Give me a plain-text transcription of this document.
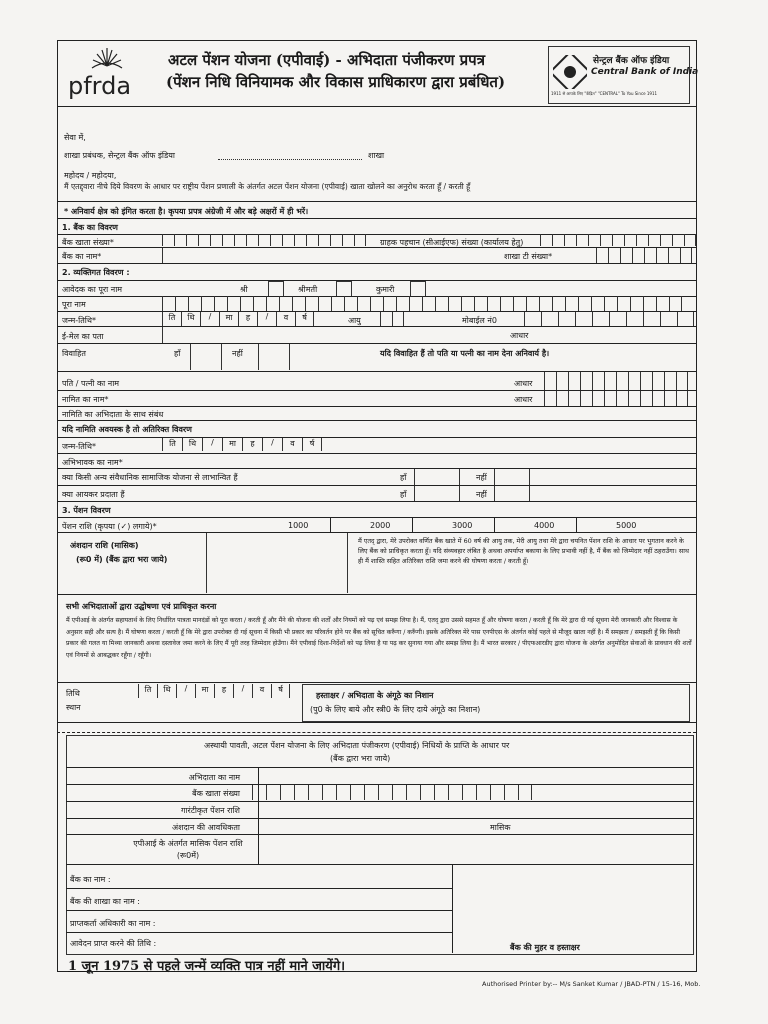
pfrda
अटल पेंशन योजना (एपीवाई) - अभिदाता पंजीकरण प्रपत्र
(पेंशन निधि विनियामक और विकास प्राधिकारण द्वारा प्रबंधित)
सेन्ट्रल बैंक ऑफ इंडिया
Central Bank of India
1911 से आपके लिए "केंद्रित" "CENTRAL" To You Since 1911
सेवा में,
शाखा प्रबंधक, सेन्ट्रल बैंक ऑफ इंडिया	शाखा
महोदय / महोदया,
मैं एतद्द्वारा नीचे दिये विवरण के आधार पर राष्ट्रीय पेंशन प्रणाली के अंतर्गत अटल पेंशन योजना (एपीवाई) खाता खोलने का अनुरोध करता हूँ / करती हूँ
* अनिवार्य क्षेत्र को इंगित करता है। कृपया प्रपत्र अंग्रेजी में और बड़े अक्षरों में ही भरें।
1. बैंक का विवरण
बैंक खाता संख्या*	ग्राहक पहचान (सीआईएफ) संख्या (कार्यालय हेतु)
बैंक का नाम*	शाखा टी संख्या*
2. व्यक्तिगत विवरण :
आवेदक का पूरा नाम	श्री	श्रीमती	कुमारी
पूरा नाम
जन्म-तिथि*	ति	थि	/	मा	ह	/	व	र्ष	आयु	मोबाईल नं0
ई-मेल का पता	आधार
विवाहित	हाँ	नहीं	यदि विवाहित हैं तो पति या पत्नी का नाम देना अनिवार्य है।
पति / पत्नी का नाम	आधार
नामित का नाम*	आधार
नामिति का अभिदाता के साथ संबंध
यदि नामिति अवयस्क है तो अतिरिक्त विवरण
जन्म-तिथि*	ति	थि	/	मा	ह	/	व	र्ष
अभिभावक का नाम*
क्या किसी अन्य संवैधानिक सामाजिक योजना से लाभान्वित हैं	हाँ	नहीं
क्या आयकर प्रदाता हैं	हाँ	नहीं
3. पेंशन विवरण
पेंशन राशि (कृपया (✓) लगाये)*	1000	2000	3000	4000	5000
अंशदान राशि (मासिक)
(रू0 में) (बैंक द्वारा भरा जाये)
मैं एतद् द्वारा, मेरे उपरोक्त वर्णित बैंक खाते में 60 वर्ष की आयु तक, मेरी आयु तथा मेरे द्वारा चयनित पेंशन राशि के आधार पर भुगतान करने के लिए बैंक को प्राधिकृत करता हूँ। यदि संव्यवहार लंबित है अथवा अपर्याप्त बकाया के लिए प्रभावी नहीं है, मैं बैंक को जिम्मेदार नहीं ठहराउँगा। साथ ही मैं शास्ति सहित अतिरिक्त राशि जमा करने की घोषणा करता / करती हूँ।
सभी अभिदाताओं द्वारा उद्घोषणा एवं प्राधिकृत करना
मैं एपीआई के अंतर्गत सहायतार्थ के लिए निर्धारित पात्रता मानदंडों को पूरा करता / करती हूँ और मैंने की योजना की शर्तों और नियमों को पढ़ एवं समझ लिया है। मैं, एतद् द्वारा उससे सहमत हूँ और घोषणा करता / करती हूँ कि मेरे द्वारा दी गई सूचना मेरी जानकारी और विश्वास के अनुसार सही और सत्य है। मैं घोषणा करता / करती हूँ कि मेरे द्वारा उपरोक्त दी गई सूचना में किसी भी प्रकार का परिवर्तन होने पर बैंक को सूचित करूँगा / करूँगी। इसके अतिरिक्त मेरे पास एनपीएस के अंतर्गत कोई पहले से मौजूद खाता नहीं है। मैं समझता / समझती हूँ कि किसी प्रकार की गलत या मिथ्या जानकारी अथवा दस्तावेज जमा करने के लिए मैं पूरी तरह जिम्मेदार होउँगा। मैंने एपीवाई दिशा-निर्देशों को पढ़ लिया है या पढ़ कर सुनाया गया और समझ लिया है। मैं भारत सरकार / पीएफआरडीए द्वारा योजना के अंतर्गत अनुमोदित सेवाओं के प्रावधान की शर्तों एवं नियमों से आबद्धकर रहूँगा / रहूँगी।
तिथि	ति	थि	/	मा	ह	/	व	र्ष
स्थान
हस्ताक्षर / अभिदाता के अंगूठे का निशान
(पु0 के लिए बाये और स्त्री0 के लिए दाये अंगूठे का निशान)
अस्थायी पावती, अटल पेंशन योजना के लिए अभिदाता पंजीकरण (एपीवाई) निधियों के प्राप्ति के आधार पर
(बैंक द्वारा भरा जाये)
अभिदाता का नाम
बैंक खाता संख्या
गारंटीकृत पेंशन राशि
अंशदान की आवधिकता	मासिक
एपीआई के अंतर्गत मासिक पेंशन राशि
(रू0में)
बैंक का नाम :
बैंक की शाखा का नाम :
प्राप्तकर्ता अधिकारी का नाम :
आवेदन प्राप्त करने की तिथि :	बैंक की मुहर व हस्ताक्षर
1 जून 1975 से पहले जन्में व्यक्ति पात्र नहीं माने जायेंगे।
Authorised Printer by:-- M/s Sanket Kumar / JBAD-PTN / 15-16, Mob.
